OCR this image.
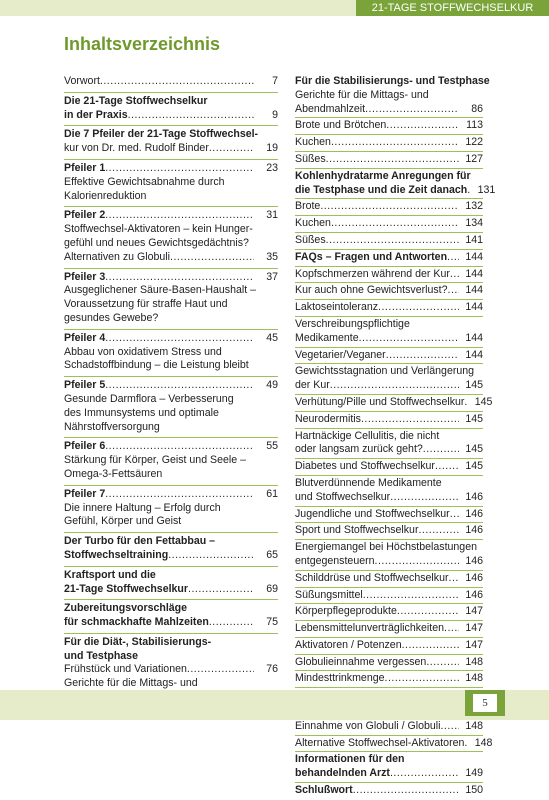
21-TAGE STOFFWECHSELKUR
Inhaltsverzeichnis
Vorwort .....	7
Die 21-Tage Stoffwechselkur
in der Praxis .....	9
Die 7 Pfeiler der 21-Tage Stoffwechsel-
kur von Dr. med. Rudolf Binder .....	19
Pfeiler 1 .....	23
Effektive Gewichtsabnahme durch
Kalorienreduktion
Pfeiler 2 .....	31
Stoffwechsel-Aktivatoren – kein Hunger-
gefühl und neues Gewichtsgedächtnis?
Alternativen zu Globuli .....	35
Pfeiler 3 .....	37
Ausgeglichener Säure-Basen-Haushalt –
Voraussetzung für straffe Haut und
gesundes Gewebe?
Pfeiler 4 .....	45
Abbau von oxidativem Stress und
Schadstoffbindung – die Leistung bleibt
Pfeiler 5 .....	49
Gesunde Darmflora – Verbesserung
des Immunsystems und optimale
Nährstoffversorgung
Pfeiler 6 .....	55
Stärkung für Körper, Geist und Seele –
Omega-3-Fettsäuren
Pfeiler 7 .....	61
Die innere Haltung – Erfolg durch
Gefühl, Körper und Geist
Der Turbo für den Fettabbau –
Stoffwechseltraining .....	65
Kraftsport und die
21-Tage Stoffwechselkur .....	69
Zubereitungsvorschläge
für schmackhafte Mahlzeiten .....	75
Für die Diät-, Stabilisierungs-
und Testphase
Frühstück und Variationen .....	76
Gerichte für die Mittags- und
.....
Für die Stabilisierungs- und Testphase
Gerichte für die Mittags- und
Abendmahlzeit .....	86
Brote und Brötchen .....	113
Kuchen .....	122
Süßes .....	127
Kohlenhydratarme Anregungen für
die Testphase und die Zeit danach ..... 131
Brote .....	132
Kuchen .....	134
Süßes .....	141
FAQs – Fragen und Antworten .....	144
Kopfschmerzen während der Kur .....	144
Kur auch ohne Gewichtsverlust? .....	144
Laktoseintoleranz .....	144
Verschreibungspflichtige
Medikamente .....	144
Vegetarier/Veganer .....	144
Gewichtsstagnation und Verlängerung
der Kur .....	145
Verhütung/Pille und Stoffwechselkur ..... 145
Neurodermitis .....	145
Hartnäckige Cellulitis, die nicht
oder langsam zurück geht? .....	145
Diabetes und Stoffwechselkur .....	145
Blutverdünnende Medikamente
und Stoffwechselkur .....	146
Jugendliche und Stoffwechselkur .....	146
Sport und Stoffwechselkur .....	146
Energiemangel bei Höchstbelastungen
entgegensteuern .....	146
Schilddrüse und Stoffwechselkur .....	146
Süßungsmittel .....	146
Körperpflegeprodukte .....	147
Lebensmittelunverträglichkeiten .....	147
Aktivatoren / Potenzen .....	147
Globulieinnahme vergessen .....	148
Mindesttrinkmenge .....	148
.....
Einnahme von Globuli / Globuli .....	148
Alternative Stoffwechsel-Aktivatoren ..... 148
Informationen für den
behandelnden Arzt .....	149
Schlußwort .....	150
5
